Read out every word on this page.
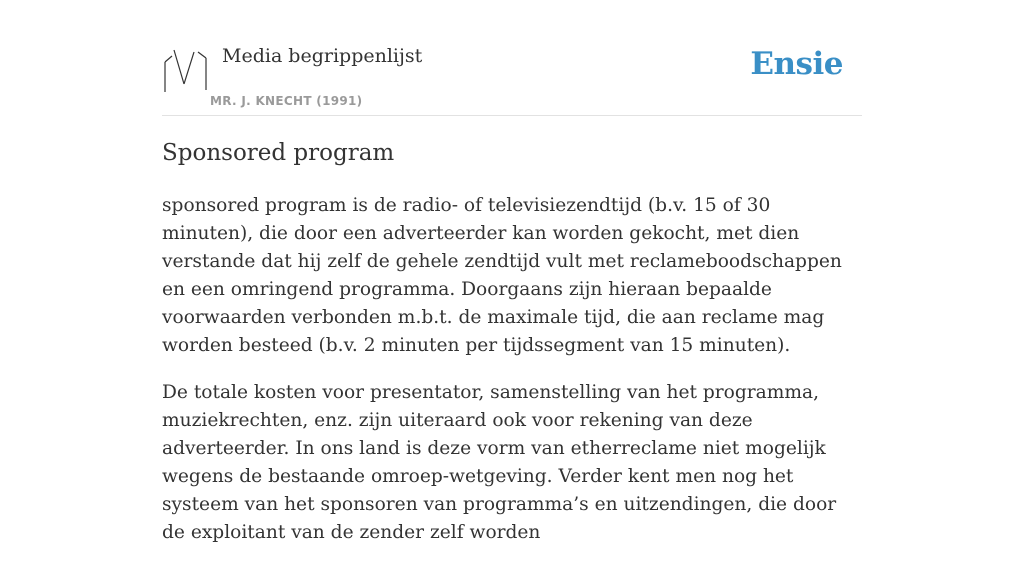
Media begrippenlijst
MR. J. KNECHT (1991)
Ensie
Sponsored program

sponsored program is de radio- of televisiezendtijd (b.v. 15 of 30 minuten), die door een adverteerder kan worden gekocht, met dien verstande dat hij zelf de gehele zendtijd vult met reclameboodschappen en een omringend programma. Doorgaans zijn hieraan bepaalde voorwaarden verbonden m.b.t. de maximale tijd, die aan reclame mag worden besteed (b.v. 2 minuten per tijdssegment van 15 minuten).

De totale kosten voor presentator, samenstelling van het programma, muziekrechten, enz. zijn uiteraard ook voor rekening van deze adverteerder. In ons land is deze vorm van etherreclame niet mogelijk wegens de bestaande omroep-wetgeving. Verder kent men nog het systeem van het sponsoren van programma’s en uitzendingen, die door de exploitant van de zender zelf worden
